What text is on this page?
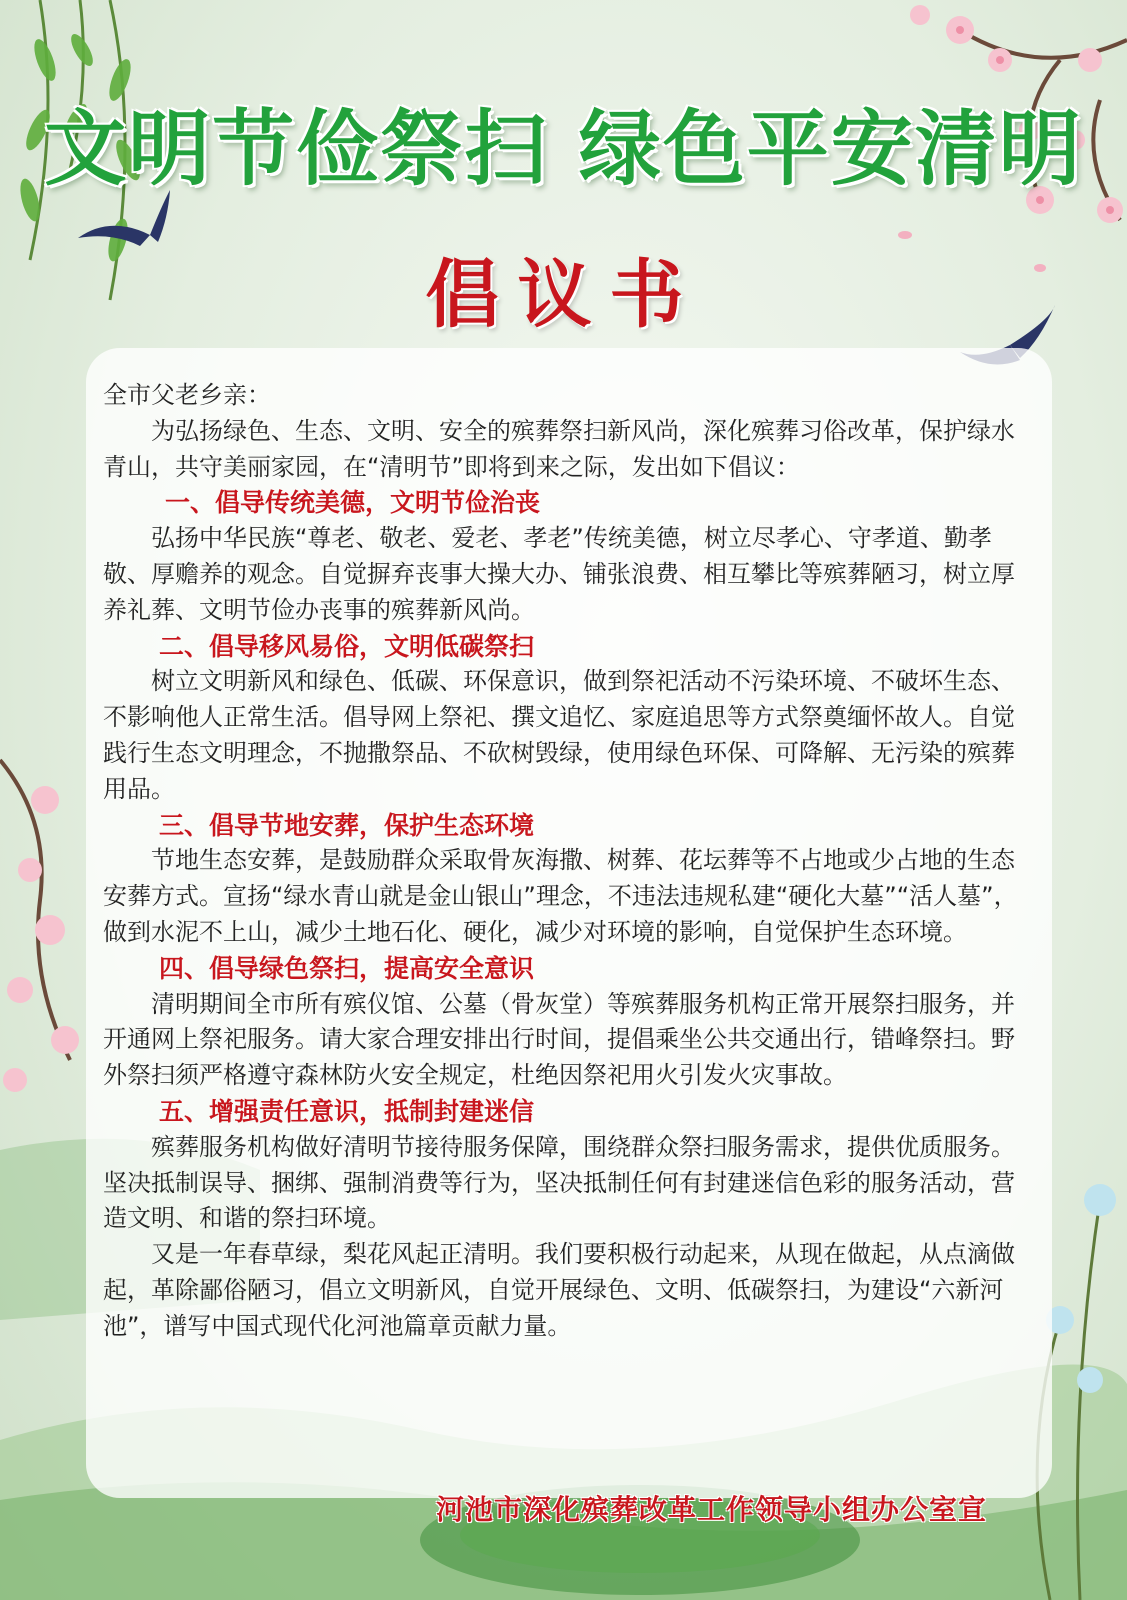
文明节俭祭扫 绿色平安清明
倡议书

全市父老乡亲：

为弘扬绿色、生态、文明、安全的殡葬祭扫新风尚，深化殡葬习俗改革，保护绿水青山，共守美丽家园，在“清明节”即将到来之际，发出如下倡议：

一、倡导传统美德，文明节俭治丧

弘扬中华民族“尊老、敬老、爱老、孝老”传统美德，树立尽孝心、守孝道、勤孝敬、厚赡养的观念。自觉摒弃丧事大操大办、铺张浪费、相互攀比等殡葬陋习，树立厚养礼葬、文明节俭办丧事的殡葬新风尚。

二、倡导移风易俗，文明低碳祭扫

树立文明新风和绿色、低碳、环保意识，做到祭祀活动不污染环境、不破坏生态、不影响他人正常生活。倡导网上祭祀、撰文追忆、家庭追思等方式祭奠缅怀故人。自觉践行生态文明理念，不抛撒祭品、不砍树毁绿，使用绿色环保、可降解、无污染的殡葬用品。

三、倡导节地安葬，保护生态环境

节地生态安葬，是鼓励群众采取骨灰海撒、树葬、花坛葬等不占地或少占地的生态安葬方式。宣扬“绿水青山就是金山银山”理念，不违法违规私建“硬化大墓”“活人墓”，做到水泥不上山，减少土地石化、硬化，减少对环境的影响，自觉保护生态环境。

四、倡导绿色祭扫，提高安全意识

清明期间全市所有殡仪馆、公墓（骨灰堂）等殡葬服务机构正常开展祭扫服务，并开通网上祭祀服务。请大家合理安排出行时间，提倡乘坐公共交通出行，错峰祭扫。野外祭扫须严格遵守森林防火安全规定，杜绝因祭祀用火引发火灾事故。

五、增强责任意识，抵制封建迷信

殡葬服务机构做好清明节接待服务保障，围绕群众祭扫服务需求，提供优质服务。坚决抵制误导、捆绑、强制消费等行为，坚决抵制任何有封建迷信色彩的服务活动，营造文明、和谐的祭扫环境。

又是一年春草绿，梨花风起正清明。我们要积极行动起来，从现在做起，从点滴做起，革除鄙俗陋习，倡立文明新风，自觉开展绿色、文明、低碳祭扫，为建设“六新河池”，谱写中国式现代化河池篇章贡献力量。

河池市深化殡葬改革工作领导小组办公室宣
